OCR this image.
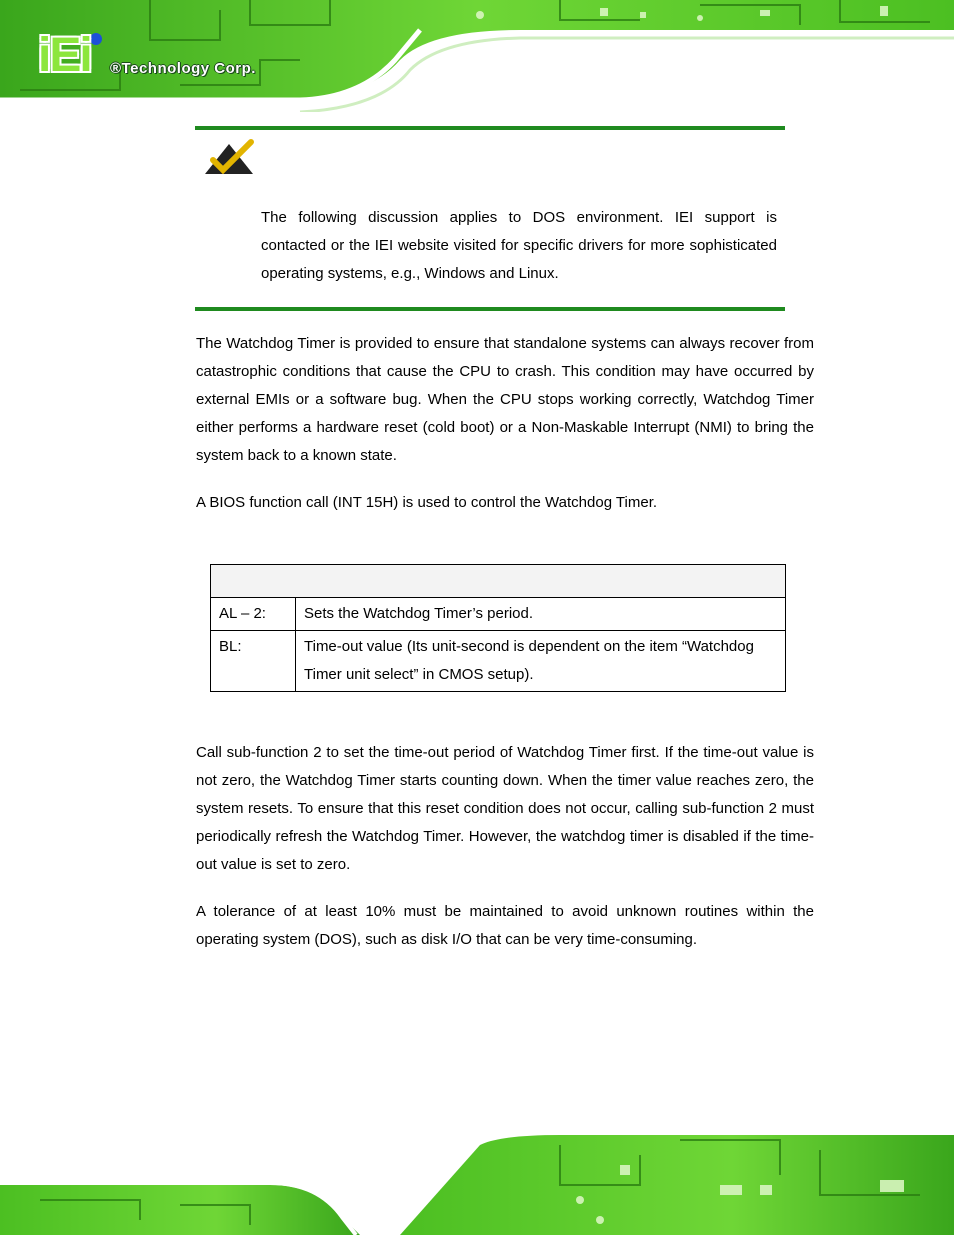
iEi ®Technology Corp.
The following discussion applies to DOS environment. IEI support is contacted or the IEI website visited for specific drivers for more sophisticated operating systems, e.g., Windows and Linux.

The Watchdog Timer is provided to ensure that standalone systems can always recover from catastrophic conditions that cause the CPU to crash. This condition may have occurred by external EMIs or a software bug. When the CPU stops working correctly, Watchdog Timer either performs a hardware reset (cold boot) or a Non-Maskable Interrupt (NMI) to bring the system back to a known state.

A BIOS function call (INT 15H) is used to control the Watchdog Timer.

AL – 2:	Sets the Watchdog Timer’s period.
BL:	Time-out value (Its unit-second is dependent on the item “Watchdog Timer unit select” in CMOS setup).

Call sub-function 2 to set the time-out period of Watchdog Timer first. If the time-out value is not zero, the Watchdog Timer starts counting down. When the timer value reaches zero, the system resets. To ensure that this reset condition does not occur, calling sub-function 2 must periodically refresh the Watchdog Timer. However, the watchdog timer is disabled if the time-out value is set to zero.

A tolerance of at least 10% must be maintained to avoid unknown routines within the operating system (DOS), such as disk I/O that can be very time-consuming.
